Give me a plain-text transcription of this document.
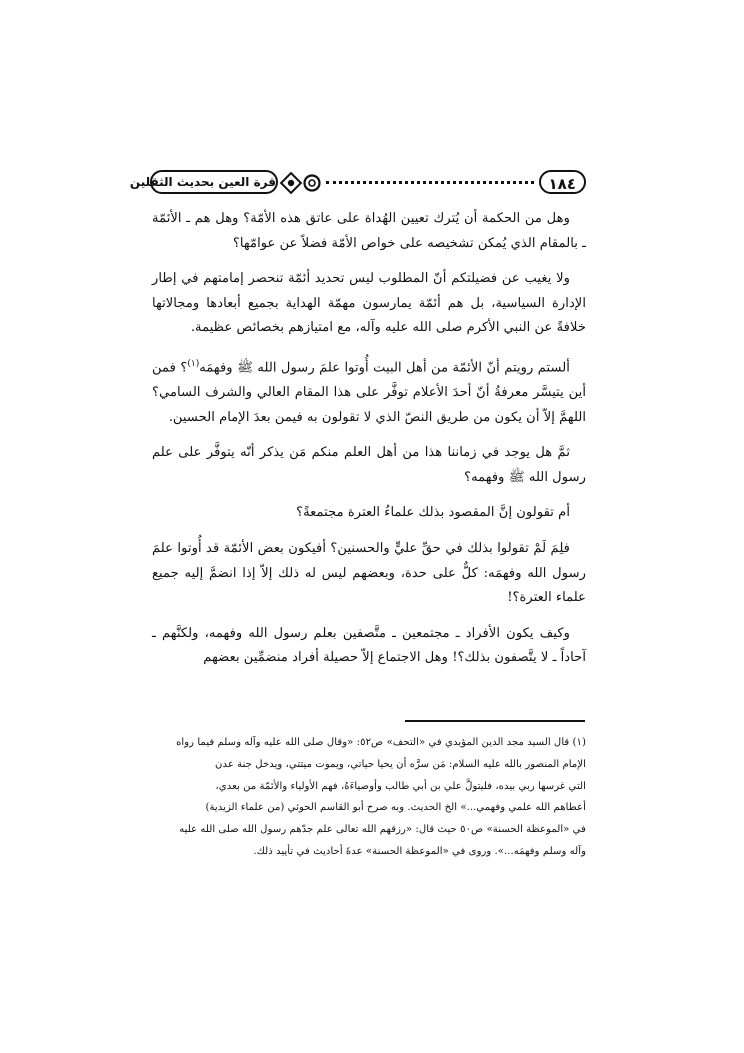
١٨٤
قرة العين بحديث الثقلين

وهل من الحكمة أن يُترك تعيين الهُداة على عاتق هذه الأمّة؟ وهل هم ـ الأئمّة ـ بالمقام الذي يُمكن تشخيصه على خواص الأمّة فضلاً عن عوامّها؟

ولا يغيب عن فضيلتكم أنّ المطلوب ليس تحديد أئمّة تنحصر إمامتهم في إطار الإدارة السياسية، بل هم أئمّة يمارسون مهمّة الهداية بجميع أبعادها ومجالاتها خلافةً عن النبي الأكرم صلى الله عليه وآله، مع امتيازهم بخصائص عظيمة.

ألستم رويتم أنّ الأئمّة من أهل البيت أُوتوا علمَ رسول الله ﷺ وفهمَه$^{(١)}$؟ فمن أين يتيسَّر معرفةُ أنّ أحدَ الأعلام توفَّر على هذا المقام العالي والشرف السامي؟ اللهمَّ إلاّ أن يكون من طريق النصّ الذي لا تقولون به فيمن بعدَ الإمام الحسين.

ثمَّ هل يوجد في زماننا هذا من أهل العلم منكم مَن يذكر أنّه يتوفَّر على علم رسول الله ﷺ وفهمه؟

أم تقولون إنَّ المقصود بذلك علماءُ العترة مجتمعةً؟

فلِمَ لَمْ تقولوا بذلك في حقِّ عليٍّ والحسنين؟ أفيكون بعض الأئمّة قد أُوتوا علمَ رسول الله وفهمَه: كلٌّ على حدة، وبعضهم ليس له ذلك إلاّ إذا انضمَّ إليه جميع علماء العترة؟!

وكيف يكون الأفراد ـ مجتمعين ـ متَّصفين بعلم رسول الله وفهمه، ولكنَّهم ـ آحاداً ـ لا يتَّصفون بذلك؟! وهل الاجتماع إلاّ حصيلة أفراد منضمِّين بعضهم

(١) قال السيد مجد الدين المؤيدي في «التحف» ص٥٢: «وقال صلى الله عليه وآله وسلم فيما رواه
الإمام المنصور بالله عليه السلام: مَن سرَّه أن يحيا حياتي، ويموت ميتتي، ويدخل جنة عدن
التي غرسها ربي بيده، فليتولَّ علي بن أبي طالب وأوصياءَهُ، فهم الأولياء والأئمّة من بعدي،
أعطاهم الله علمي وفهمي...» الخ الحديث. وبه صرح أبو القاسم الحوثي (من علماء الزيدية)
في «الموعظة الحسنة» ص٥٠ حيث قال: «رزقهم الله تعالى علم جدّهم رسول الله صلى الله عليه
وآله وسلم وفهمَه...». وروى في «الموعظة الحسنة» عدةَ أحاديث في تأييد ذلك.
